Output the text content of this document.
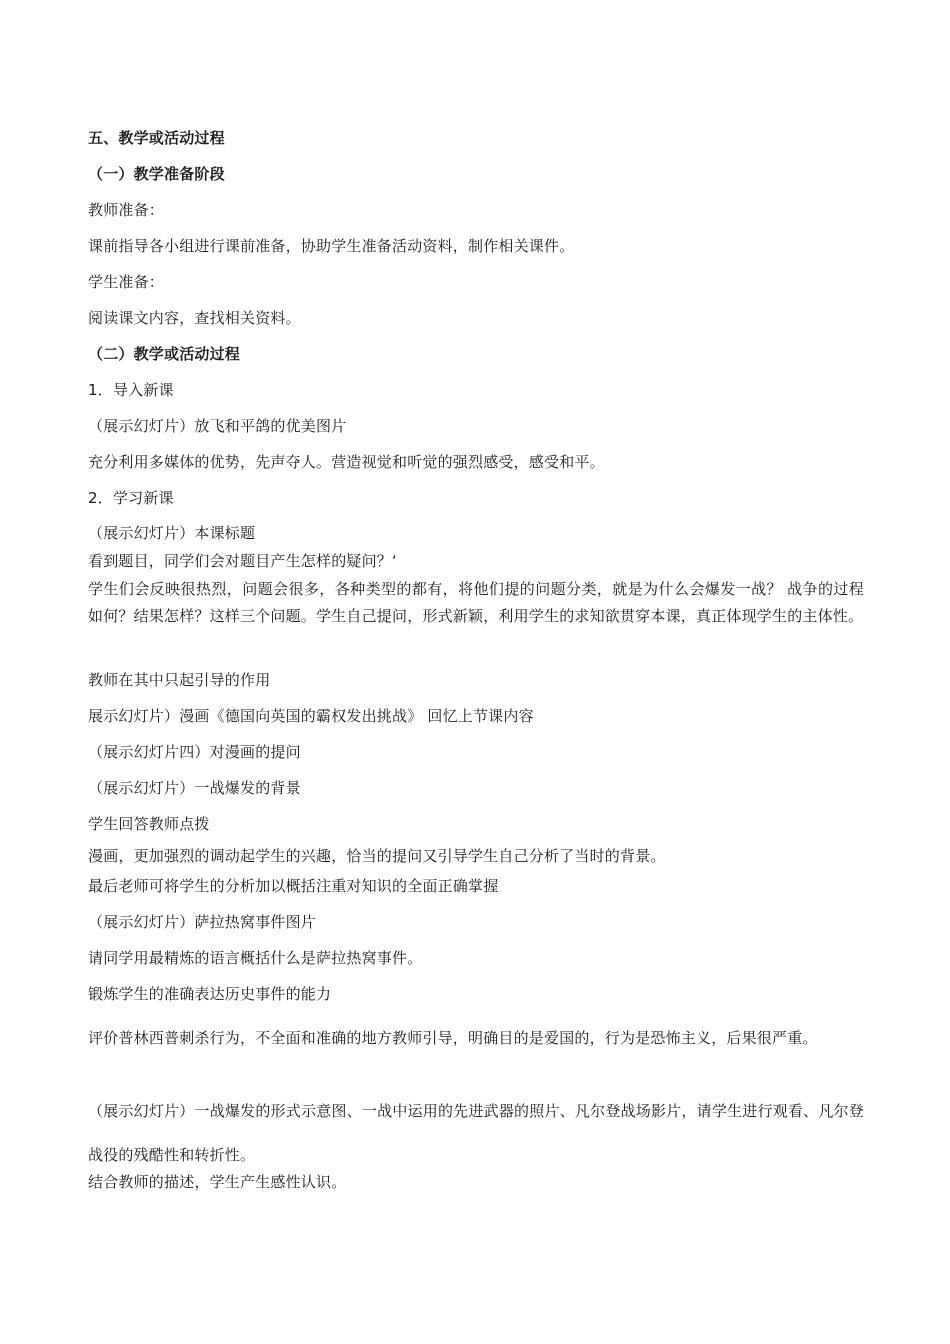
五、教学或活动过程
（一）教学准备阶段
教师准备：
课前指导各小组进行课前准备，协助学生准备活动资料，制作相关课件。
学生准备：
阅读课文内容，查找相关资料。
（二）教学或活动过程
1．导入新课
（展示幻灯片）放飞和平鸽的优美图片
充分利用多媒体的优势，先声夺人。营造视觉和听觉的强烈感受，感受和平。
2．学习新课
（展示幻灯片）本课标题
看到题目，同学们会对题目产生怎样的疑问？‘
学生们会反映很热烈，问题会很多，各种类型的都有，将他们提的问题分类，就是为什么会爆发一战？ 战争的过程如何？结果怎样？这样三个问题。学生自己提问，形式新颖，利用学生的求知欲贯穿本课，真正体现学生的主体性。
教师在其中只起引导的作用
展示幻灯片）漫画《德国向英国的霸权发出挑战》 回忆上节课内容
（展示幻灯片四）对漫画的提问
（展示幻灯片）一战爆发的背景
学生回答教师点拨
漫画，更加强烈的调动起学生的兴趣，恰当的提问又引导学生自己分析了当时的背景。
最后老师可将学生的分析加以概括注重对知识的全面正确掌握
（展示幻灯片）萨拉热窝事件图片
请同学用最精炼的语言概括什么是萨拉热窝事件。
锻炼学生的准确表达历史事件的能力
评价普林西普刺杀行为，不全面和准确的地方教师引导，明确目的是爱国的，行为是恐怖主义，后果很严重。
（展示幻灯片）一战爆发的形式示意图、一战中运用的先进武器的照片、凡尔登战场影片，请学生进行观看、凡尔登战役的残酷性和转折性。
结合教师的描述，学生产生感性认识。
